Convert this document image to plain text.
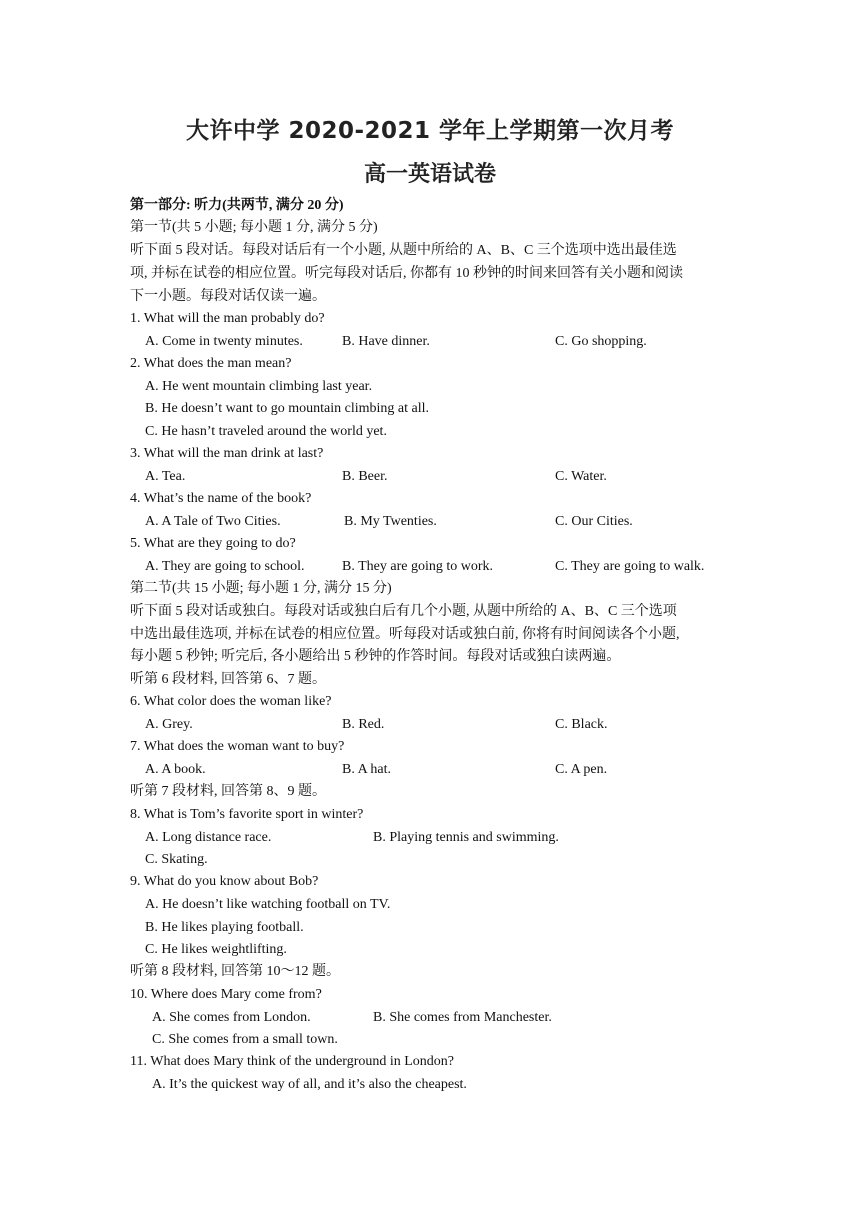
大许中学 2020-2021 学年上学期第一次月考
高一英语试卷
第一部分: 听力(共两节, 满分 20 分)
第一节(共 5 小题; 每小题 1 分, 满分 5 分)
听下面 5 段对话。每段对话后有一个小题, 从题中所给的 A、B、C 三个选项中选出最佳选
项, 并标在试卷的相应位置。听完每段对话后, 你都有 10 秒钟的时间来回答有关小题和阅读
下一小题。每段对话仅读一遍。
1. What will the man probably do?
A. Come in twenty minutes.	B. Have dinner.	C. Go shopping.
2. What does the man mean?
A. He went mountain climbing last year.
B. He doesn’t want to go mountain climbing at all.
C. He hasn’t traveled around the world yet.
3. What will the man drink at last?
A. Tea.	B. Beer.	C. Water.
4. What’s the name of the book?
A. A Tale of Two Cities.	B. My Twenties.	C. Our Cities.
5. What are they going to do?
A. They are going to school.	B. They are going to work.	C. They are going to walk.
第二节(共 15 小题; 每小题 1 分, 满分 15 分)
听下面 5 段对话或独白。每段对话或独白后有几个小题, 从题中所给的 A、B、C 三个选项
中选出最佳选项, 并标在试卷的相应位置。听每段对话或独白前, 你将有时间阅读各个小题,
每小题 5 秒钟; 听完后, 各小题给出 5 秒钟的作答时间。每段对话或独白读两遍。
听第 6 段材料, 回答第 6、7 题。
6. What color does the woman like?
A. Grey.	B. Red.	C. Black.
7. What does the woman want to buy?
A. A book.	B. A hat.	C. A pen.
听第 7 段材料, 回答第 8、9 题。
8. What is Tom’s favorite sport in winter?
A. Long distance race.	B. Playing tennis and swimming.
C. Skating.
9. What do you know about Bob?
A. He doesn’t like watching football on TV.
B. He likes playing football.
C. He likes weightlifting.
听第 8 段材料, 回答第 10～12 题。
10. Where does Mary come from?
A. She comes from London.	B. She comes from Manchester.
C. She comes from a small town.
11. What does Mary think of the underground in London?
A. It’s the quickest way of all, and it’s also the cheapest.
